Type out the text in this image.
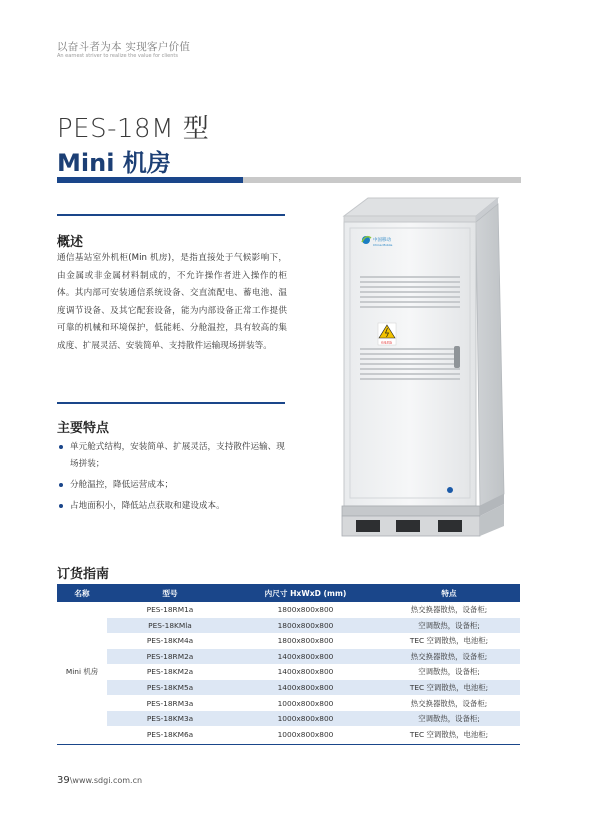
以奋斗者为本 实现客户价值
An earnest striver to realize the value for clients
PES-18M 型
Mini 机房
概述
通信基站室外机柜(Min 机房)，是指直接处于气候影响下，由金属或非金属材料制成的，不允许操作者进入操作的柜体。其内部可安装通信系统设备、交直流配电、蓄电池、温度调节设备、及其它配套设备，能为内部设备正常工作提供可靠的机械和环境保护，低能耗、分舱温控，具有较高的集成度、扩展灵活、安装简单、支持散件运输现场拼装等。
主要特点
单元舱式结构，安装简单、扩展灵活，支持散件运输、现场拼装；
分舱温控，降低运营成本；
占地面积小，降低站点获取和建设成本。
中国移动
China Mobile
有电危险
订货指南
名称	型号	内尺寸 HxWxD (mm)	特点
Mini 机房	PES-18RM1a	1800x800x800	热交换器散热，设备柜;
	PES-18KMla	1800x800x800	空调散热，设备柜;
	PES-18KM4a	1800x800x800	TEC 空调散热，电池柜;
	PES-18RM2a	1400x800x800	热交换器散热，设备柜;
	PES-18KM2a	1400x800x800	空调散热，设备柜;
	PES-18KM5a	1400x800x800	TEC 空调散热，电池柜;
	PES-18RM3a	1000x800x800	热交换器散热，设备柜;
	PES-18KM3a	1000x800x800	空调散热，设备柜;
	PES-18KM6a	1000x800x800	TEC 空调散热，电池柜;
39\www.sdgi.com.cn
